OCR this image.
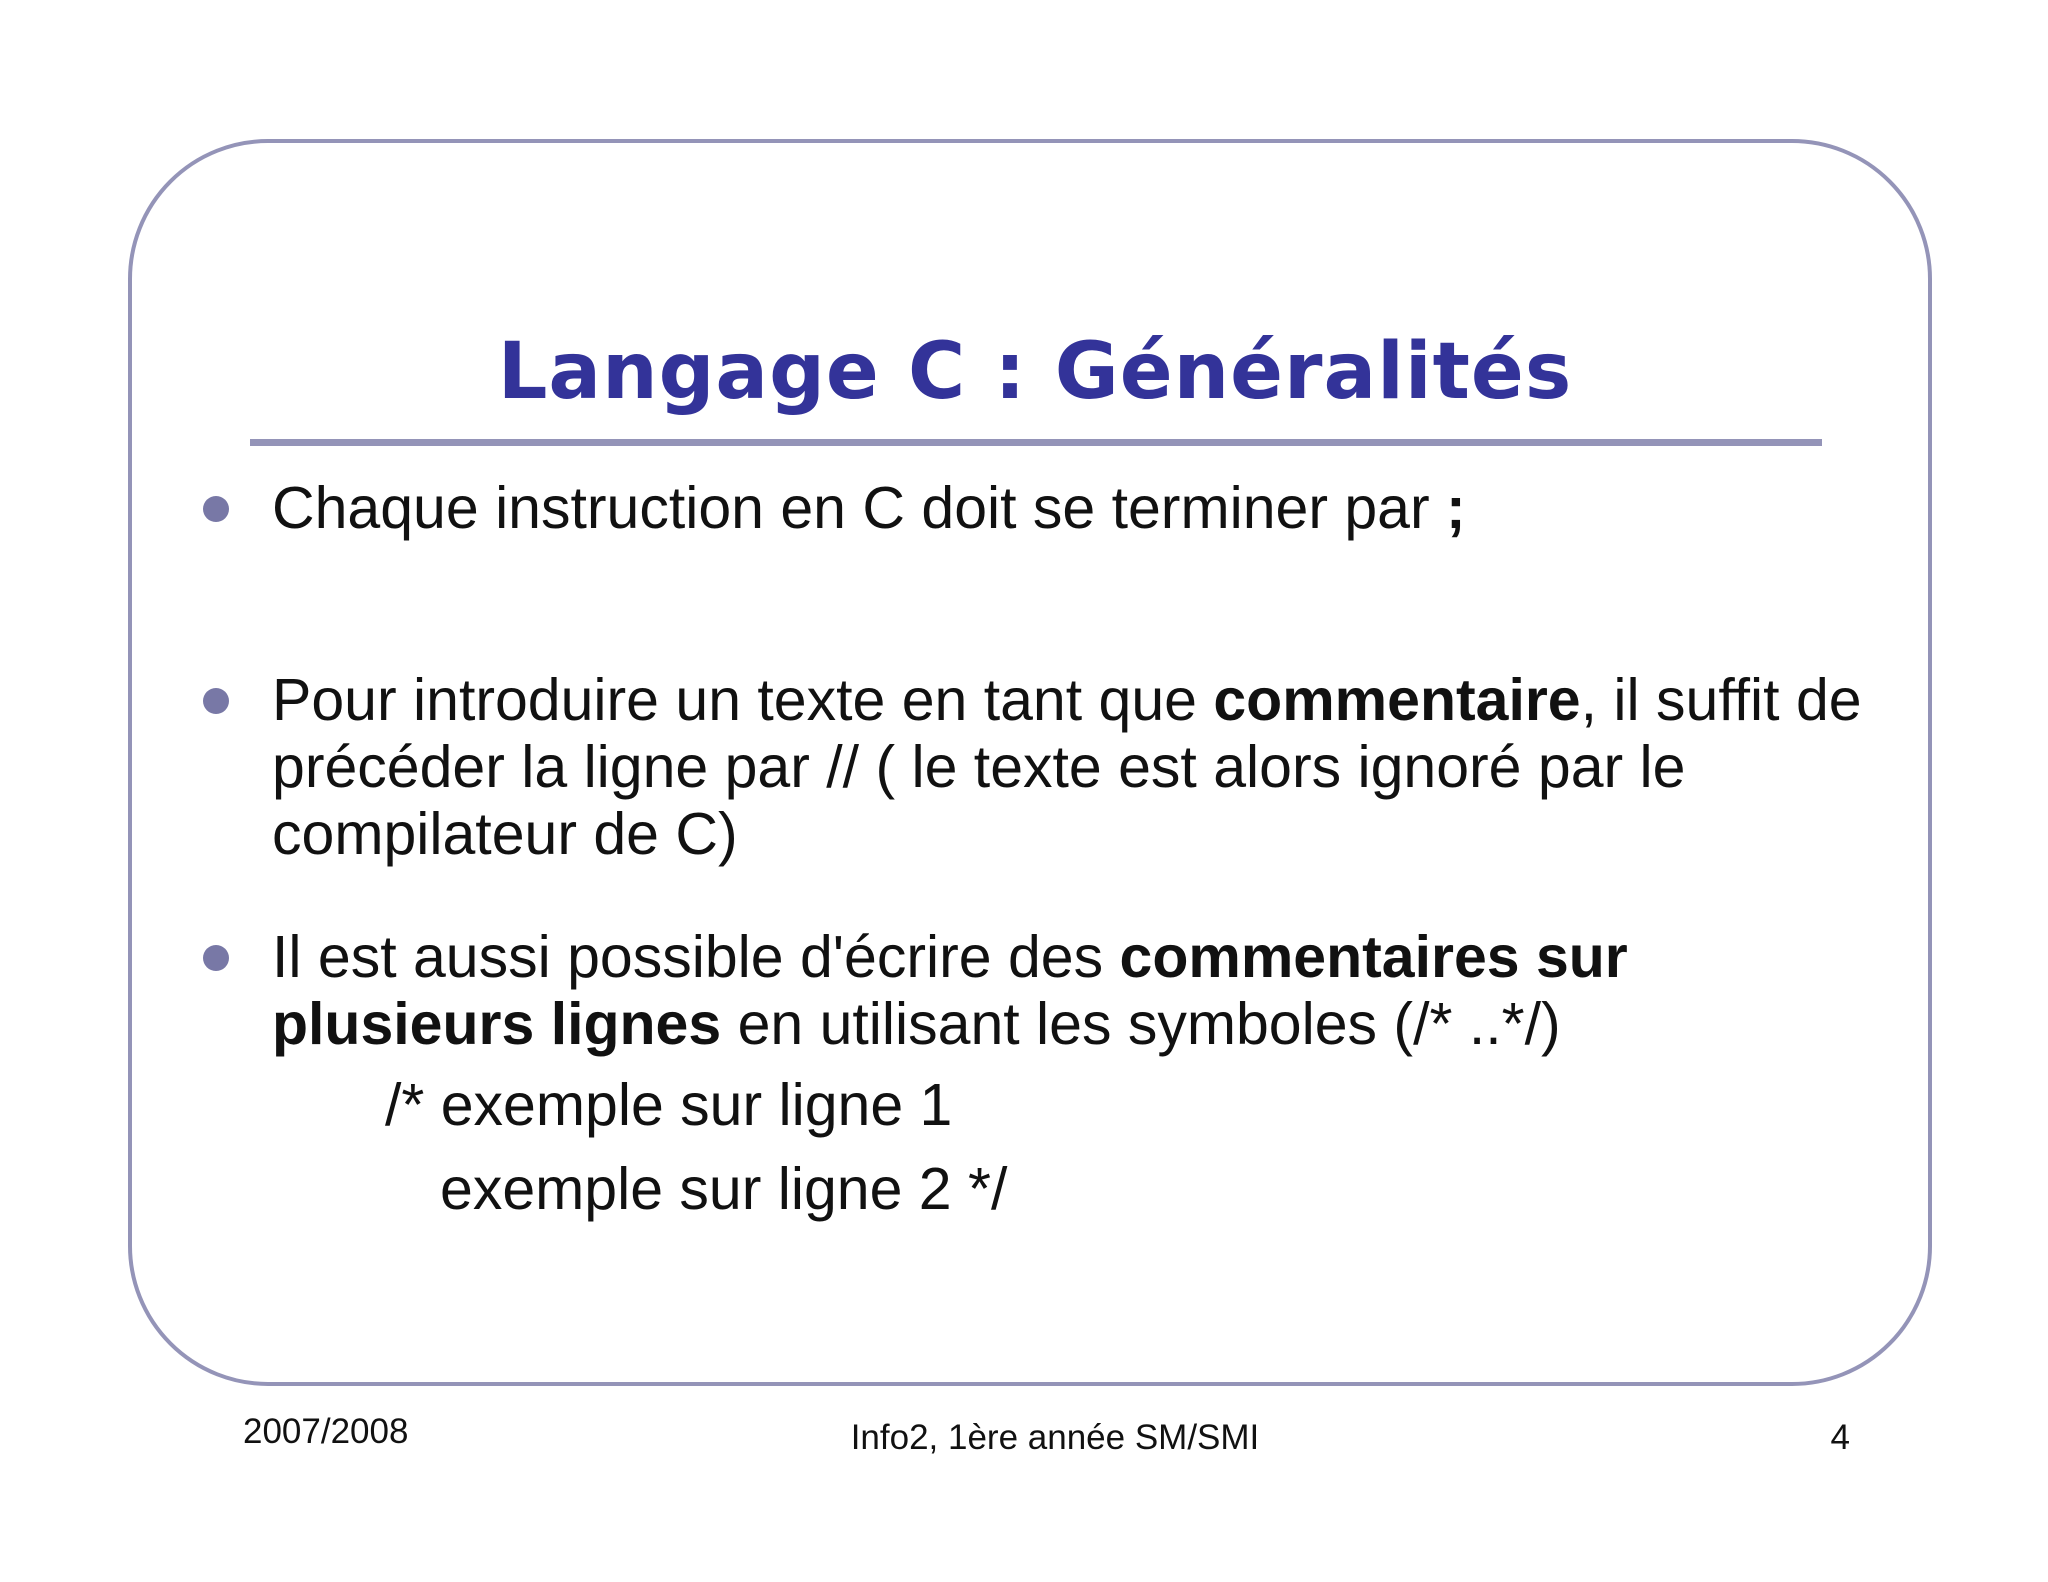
Langage C : Généralités

Chaque instruction en C doit se terminer par ;

Pour introduire un texte en tant que commentaire, il suffit de précéder la ligne par // ( le texte est alors ignoré par le compilateur de C)

Il est aussi possible d'écrire des commentaires sur plusieurs lignes en utilisant les symboles (/* ..*/)

/* exemple sur ligne 1

exemple sur ligne 2 */

2007/2008	Info2, 1ère année SM/SMI	4
